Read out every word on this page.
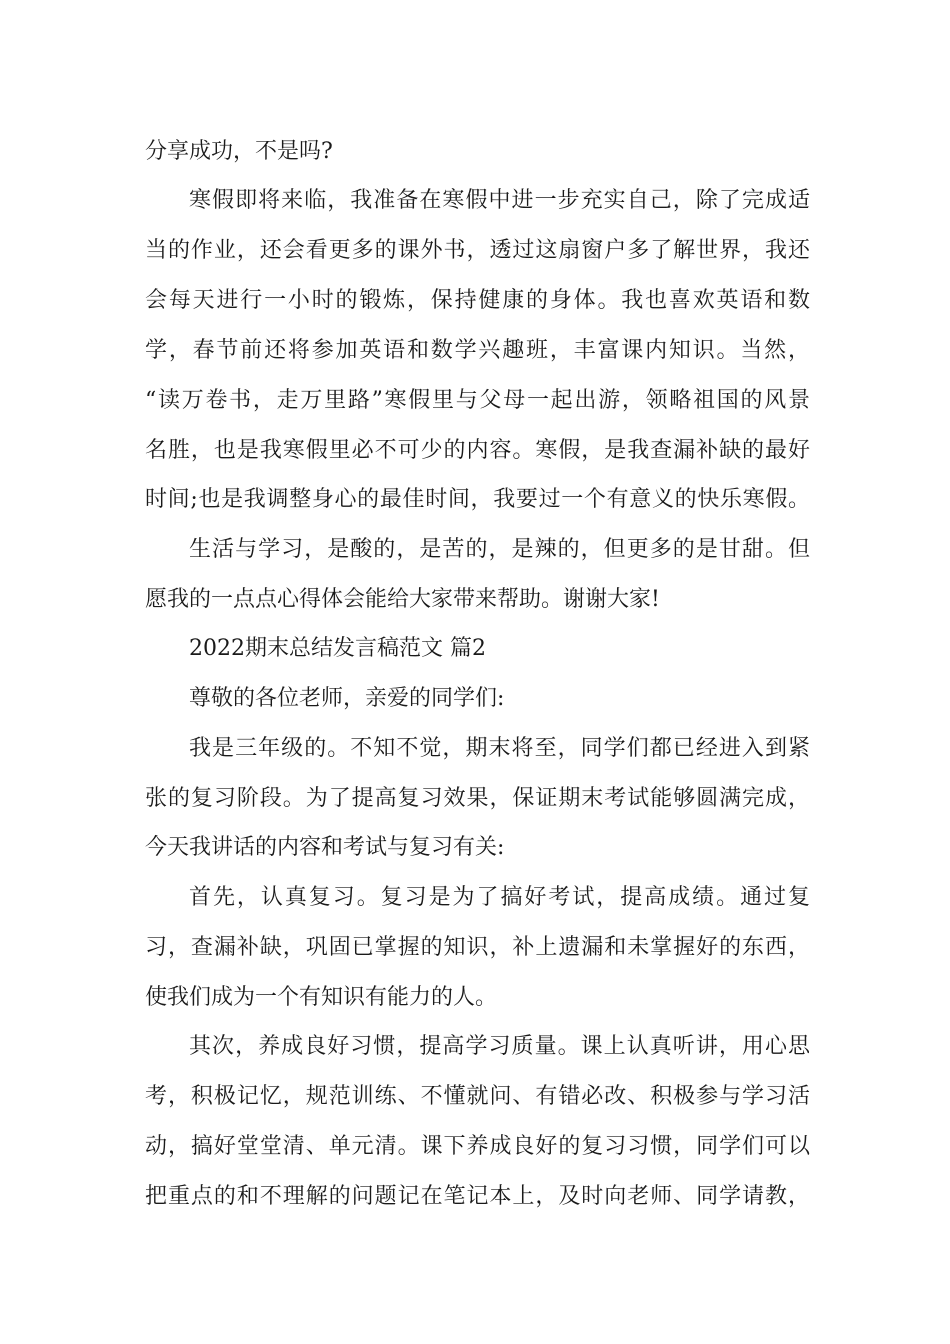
分享成功，不是吗?
寒假即将来临，我准备在寒假中进一步充实自己，除了完成适
当的作业，还会看更多的课外书，透过这扇窗户多了解世界，我还
会每天进行一小时的锻炼，保持健康的身体。我也喜欢英语和数
学，春节前还将参加英语和数学兴趣班，丰富课内知识。当然，
“读万卷书，走万里路”寒假里与父母一起出游，领略祖国的风景
名胜，也是我寒假里必不可少的内容。寒假，是我查漏补缺的最好
时间;也是我调整身心的最佳时间，我要过一个有意义的快乐寒假。
生活与学习，是酸的，是苦的，是辣的，但更多的是甘甜。但
愿我的一点点心得体会能给大家带来帮助。谢谢大家!
2022期末总结发言稿范文 篇2
尊敬的各位老师，亲爱的同学们:
我是三年级的。不知不觉，期末将至，同学们都已经进入到紧
张的复习阶段。为了提高复习效果，保证期末考试能够圆满完成，
今天我讲话的内容和考试与复习有关:
首先，认真复习。复习是为了搞好考试，提高成绩。通过复
习，查漏补缺，巩固已掌握的知识，补上遗漏和未掌握好的东西，
使我们成为一个有知识有能力的人。
其次，养成良好习惯，提高学习质量。课上认真听讲，用心思
考，积极记忆，规范训练、不懂就问、有错必改、积极参与学习活
动，搞好堂堂清、单元清。课下养成良好的复习习惯，同学们可以
把重点的和不理解的问题记在笔记本上，及时向老师、同学请教，
